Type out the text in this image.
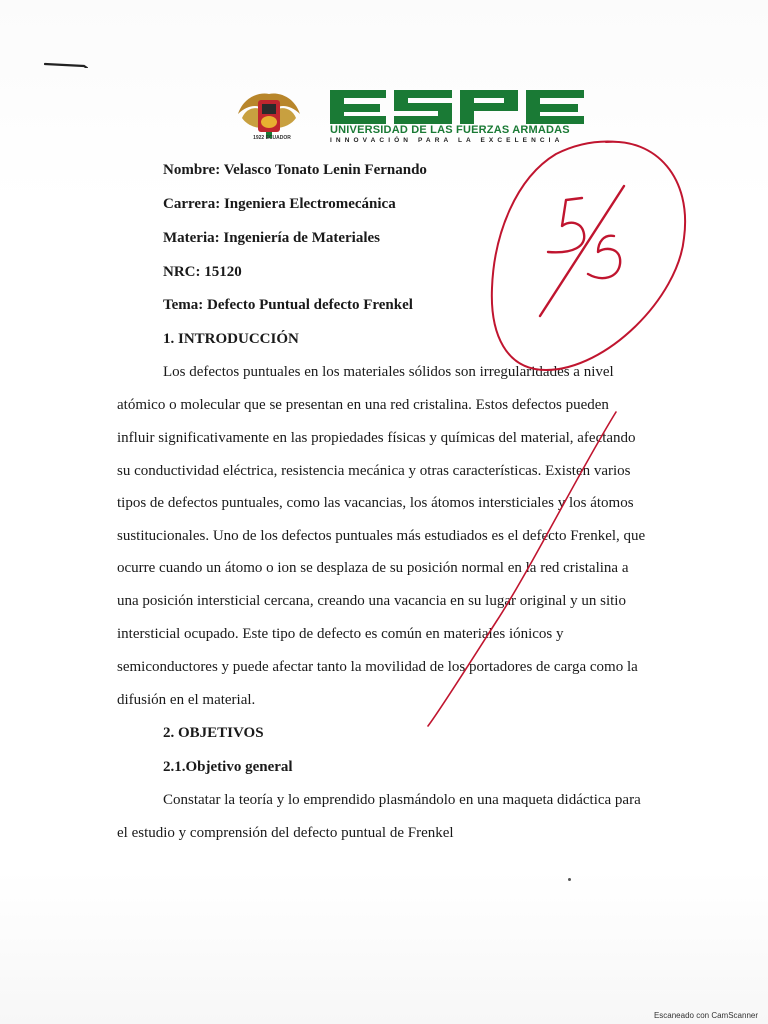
1922 ECUADOR
UNIVERSIDAD DE LAS FUERZAS ARMADAS
INNOVACIÓN PARA LA EXCELENCIA
Nombre: Velasco Tonato Lenin Fernando
Carrera: Ingeniera Electromecánica
Materia: Ingeniería de Materiales
NRC: 15120
Tema: Defecto Puntual defecto Frenkel
1. INTRODUCCIÓN
Los defectos puntuales en los materiales sólidos son irregularidades a nivel
atómico o molecular que se presentan en una red cristalina. Estos defectos pueden
influir significativamente en las propiedades físicas y químicas del material, afectando
su conductividad eléctrica, resistencia mecánica y otras características. Existen varios
tipos de defectos puntuales, como las vacancias, los átomos intersticiales y los átomos
sustitucionales. Uno de los defectos puntuales más estudiados es el defecto Frenkel, que
ocurre cuando un átomo o ion se desplaza de su posición normal en la red cristalina a
una posición intersticial cercana, creando una vacancia en su lugar original y un sitio
intersticial ocupado. Este tipo de defecto es común en materiales iónicos y
semiconductores y puede afectar tanto la movilidad de los portadores de carga como la
difusión en el material.
2. OBJETIVOS
2.1.Objetivo general
Constatar la teoría y lo emprendido plasmándolo en una maqueta didáctica para
el estudio y comprensión del defecto puntual de Frenkel
Escaneado con CamScanner
